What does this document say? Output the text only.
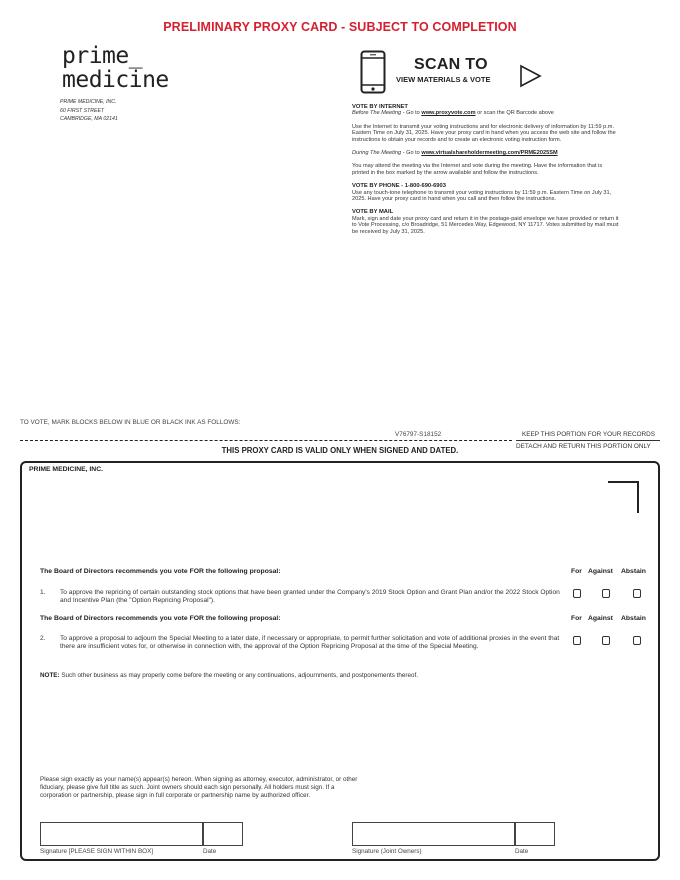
PRELIMINARY PROXY CARD - SUBJECT TO COMPLETION
prime_
medicine
PRIME MEDICINE, INC.
60 FIRST STREET
CAMBRIDGE, MA 02141
SCAN TO
VIEW MATERIALS & VOTE
VOTE BY INTERNET
Before The Meeting - Go to www.proxyvote.com or scan the QR Barcode above
Use the Internet to transmit your voting instructions and for electronic delivery of information by 11:59 p.m. Eastern Time on July 31, 2025. Have your proxy card in hand when you access the web site and follow the instructions to obtain your records and to create an electronic voting instruction form.
During The Meeting - Go to www.virtualshareholdermeeting.com/PRME2025SM
You may attend the meeting via the Internet and vote during the meeting. Have the information that is printed in the box marked by the arrow available and follow the instructions.
VOTE BY PHONE - 1-800-690-6903
Use any touch-tone telephone to transmit your voting instructions by 11:59 p.m. Eastern Time on July 31, 2025. Have your proxy card in hand when you call and then follow the instructions.
VOTE BY MAIL
Mark, sign and date your proxy card and return it in the postage-paid envelope we have provided or return it to Vote Processing, c/o Broadridge, 51 Mercedes Way, Edgewood, NY 11717. Votes submitted by mail must be received by July 31, 2025.
TO VOTE, MARK BLOCKS BELOW IN BLUE OR BLACK INK AS FOLLOWS:
V76797-S18152	KEEP THIS PORTION FOR YOUR RECORDS
DETACH AND RETURN THIS PORTION ONLY
THIS PROXY CARD IS VALID ONLY WHEN SIGNED AND DATED.
PRIME MEDICINE, INC.
The Board of Directors recommends you vote FOR the following proposal:	For Against Abstain
1. To approve the repricing of certain outstanding stock options that have been granted under the Company's 2019 Stock Option and Grant Plan and/or the 2022 Stock Option and Incentive Plan (the "Option Repricing Proposal").
The Board of Directors recommends you vote FOR the following proposal:	For Against Abstain
2. To approve a proposal to adjourn the Special Meeting to a later date, if necessary or appropriate, to permit further solicitation and vote of additional proxies in the event that there are insufficient votes for, or otherwise in connection with, the approval of the Option Repricing Proposal at the time of the Special Meeting.
NOTE: Such other business as may properly come before the meeting or any continuations, adjournments, and postponements thereof.
Please sign exactly as your name(s) appear(s) hereon. When signing as attorney, executor, administrator, or other fiduciary, please give full title as such. Joint owners should each sign personally. All holders must sign. If a corporation or partnership, please sign in full corporate or partnership name by authorized officer.
Signature [PLEASE SIGN WITHIN BOX]	Date	Signature (Joint Owners)	Date
